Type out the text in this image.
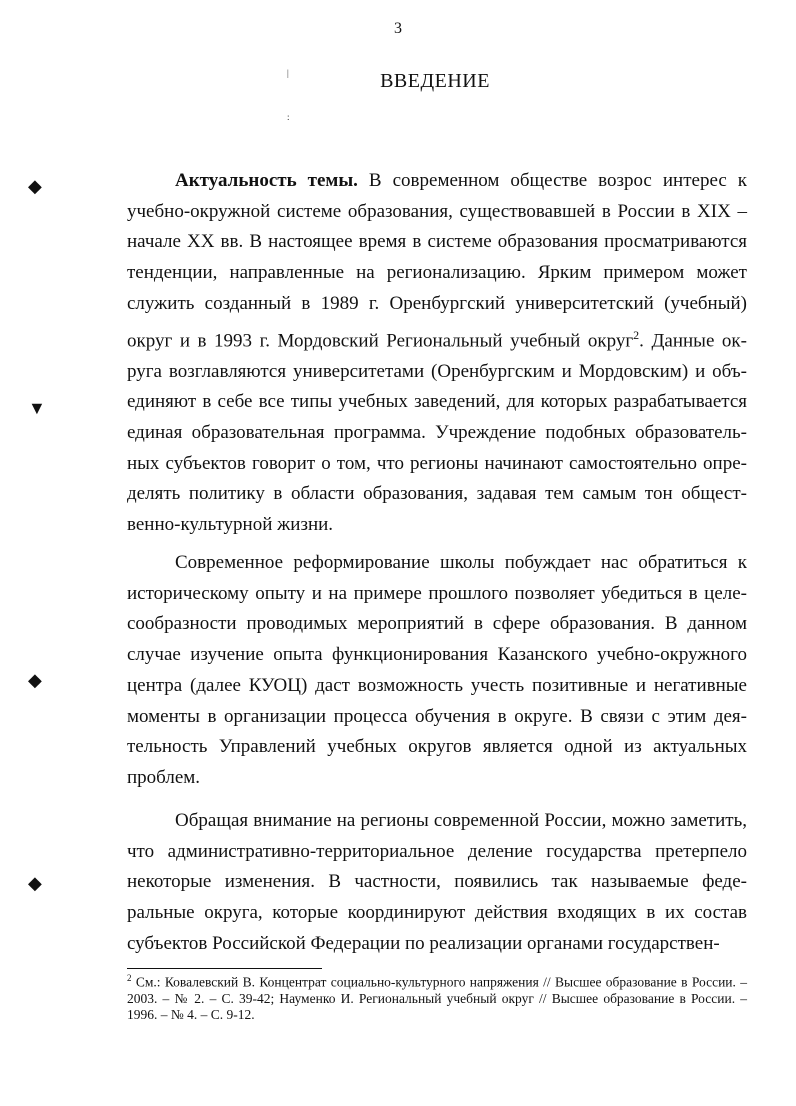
3
ВВЕДЕНИЕ
|
:
◆
▼
◆
◆

Актуальность темы. В современном обществе возрос интерес к учебно-окружной системе образования, существовавшей в России в XIX – начале XX вв. В настоящее время в системе образования просматриваются тенденции, направленные на регионализацию. Ярким примером может служить созданный в 1989 г. Оренбургский университетский (учебный) округ и в 1993 г. Мордовский Региональный учебный округ$^2$. Данные округа возглавляются университетами (Оренбургским и Мордовским) и объединяют в себе все типы учебных заведений, для которых разрабатывается единая образовательная программа. Учреждение подобных образовательных субъектов говорит о том, что регионы начинают самостоятельно определять политику в области образования, задавая тем самым тон общественно-культурной жизни.

Современное реформирование школы побуждает нас обратиться к историческому опыту и на примере прошлого позволяет убедиться в целесообразности проводимых мероприятий в сфере образования. В данном случае изучение опыта функционирования Казанского учебно-окружного центра (далее КУОЦ) даст возможность учесть позитивные и негативные моменты в организации процесса обучения в округе. В связи с этим деятельность Управлений учебных округов является одной из актуальных проблем.

Обращая внимание на регионы современной России, можно заметить, что административно-территориальное деление государства претерпело некоторые изменения. В частности, появились так называемые федеральные округа, которые координируют действия входящих в их состав субъектов Российской Федерации по реализации органами государствен-

$^2$ См.: Ковалевский В. Концентрат социально-культурного напряжения // Высшее образование в России. – 2003. – № 2. – С. 39-42; Науменко И. Региональный учебный округ // Высшее образование в России. – 1996. – № 4. – С. 9-12.
